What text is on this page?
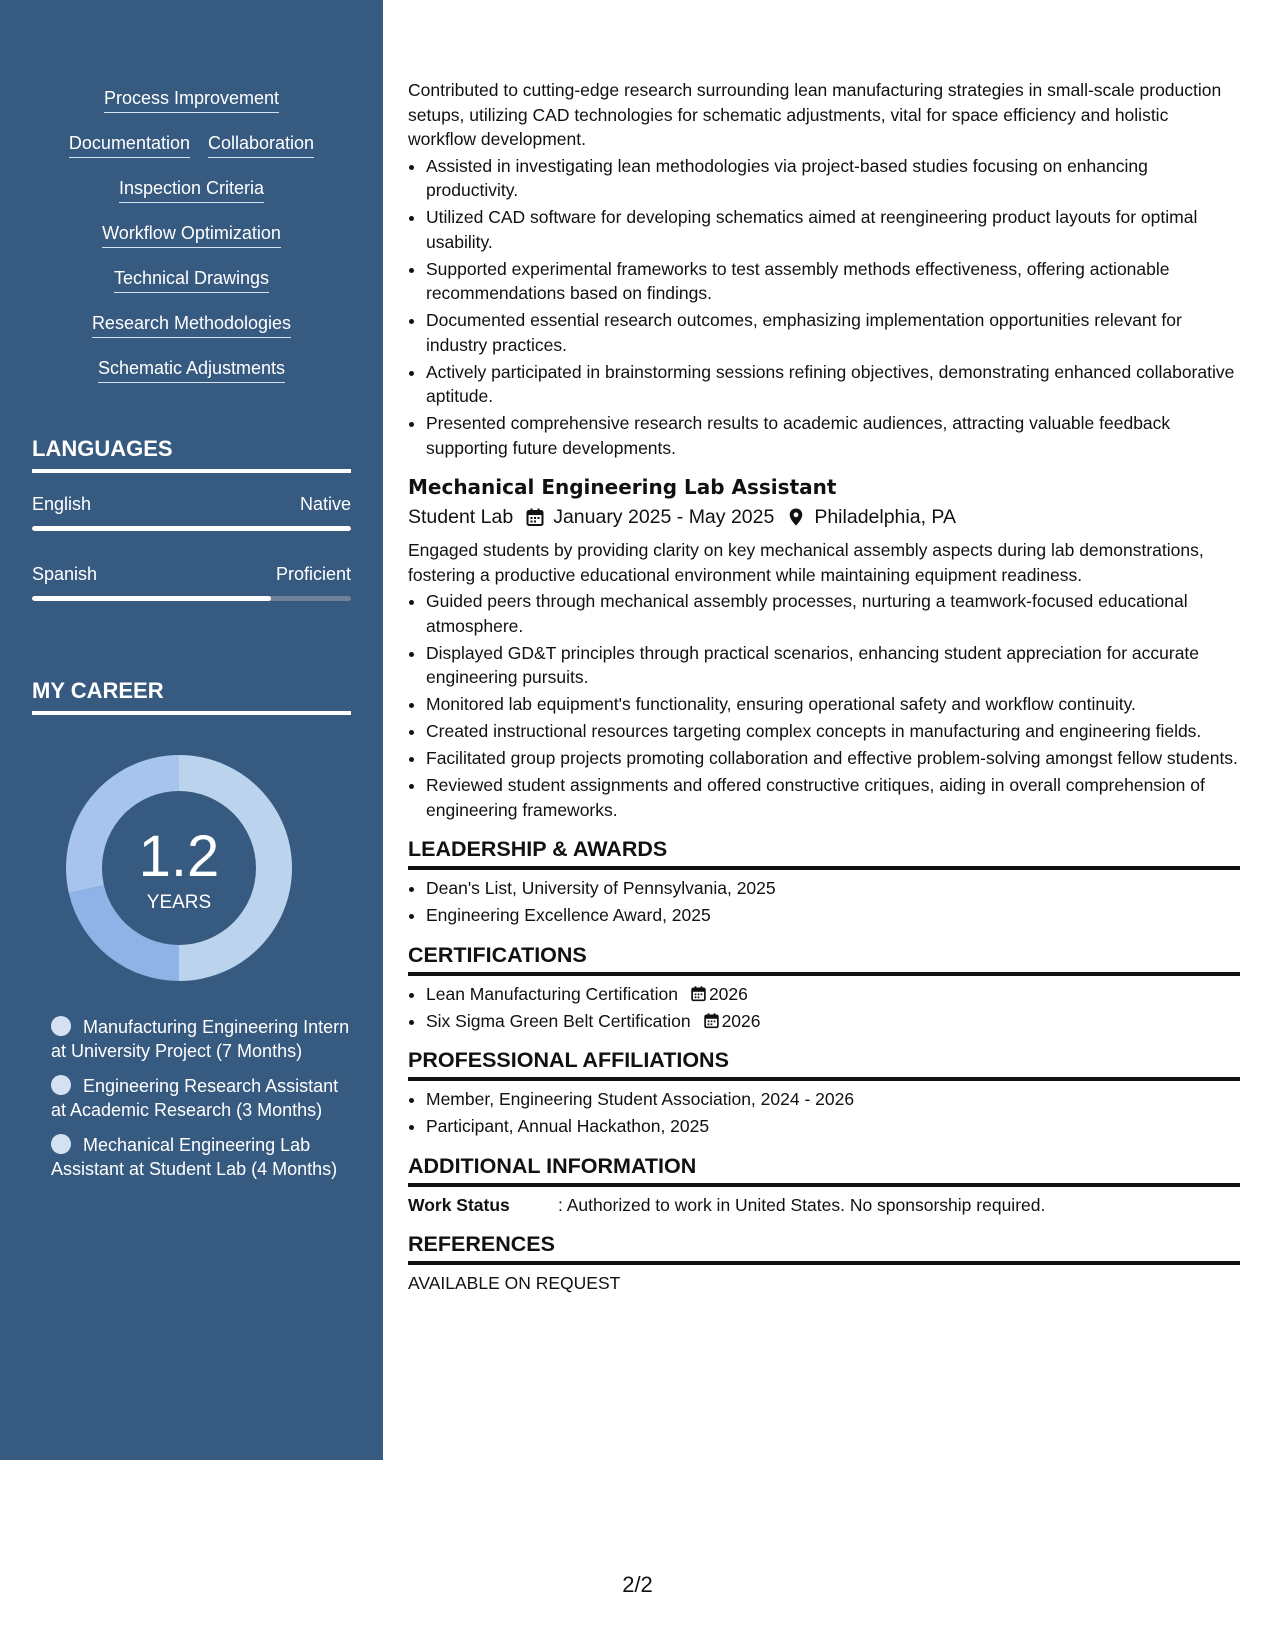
Process Improvement
Documentation Collaboration
Inspection Criteria
Workflow Optimization
Technical Drawings
Research Methodologies
Schematic Adjustments
LANGUAGES
English	Native
Spanish	Proficient
MY CAREER
1.2
YEARS
Manufacturing Engineering Intern at University Project (7 Months)
Engineering Research Assistant at Academic Research (3 Months)
Mechanical Engineering Lab Assistant at Student Lab (4 Months)

Contributed to cutting-edge research surrounding lean manufacturing strategies in small-scale production setups, utilizing CAD technologies for schematic adjustments, vital for space efficiency and holistic workflow development.

• Assisted in investigating lean methodologies via project-based studies focusing on enhancing productivity.
• Utilized CAD software for developing schematics aimed at reengineering product layouts for optimal usability.
• Supported experimental frameworks to test assembly methods effectiveness, offering actionable recommendations based on findings.
• Documented essential research outcomes, emphasizing implementation opportunities relevant for industry practices.
• Actively participated in brainstorming sessions refining objectives, demonstrating enhanced collaborative aptitude.
• Presented comprehensive research results to academic audiences, attracting valuable feedback supporting future developments.
Mechanical Engineering Lab Assistant
Student Lab January 2025 - May 2025 Philadelphia, PA

Engaged students by providing clarity on key mechanical assembly aspects during lab demonstrations, fostering a productive educational environment while maintaining equipment readiness.

• Guided peers through mechanical assembly processes, nurturing a teamwork-focused educational atmosphere.
• Displayed GD&T principles through practical scenarios, enhancing student appreciation for accurate engineering pursuits.
• Monitored lab equipment's functionality, ensuring operational safety and workflow continuity.
• Created instructional resources targeting complex concepts in manufacturing and engineering fields.
• Facilitated group projects promoting collaboration and effective problem-solving amongst fellow students.
• Reviewed student assignments and offered constructive critiques, aiding in overall comprehension of engineering frameworks.
LEADERSHIP & AWARDS
• Dean's List, University of Pennsylvania, 2025
• Engineering Excellence Award, 2025
CERTIFICATIONS
• Lean Manufacturing Certification 2026
• Six Sigma Green Belt Certification 2026
PROFESSIONAL AFFILIATIONS
• Member, Engineering Student Association, 2024 - 2026
• Participant, Annual Hackathon, 2025
ADDITIONAL INFORMATION
Work Status	: Authorized to work in United States. No sponsorship required.
REFERENCES

AVAILABLE ON REQUEST

2/2
